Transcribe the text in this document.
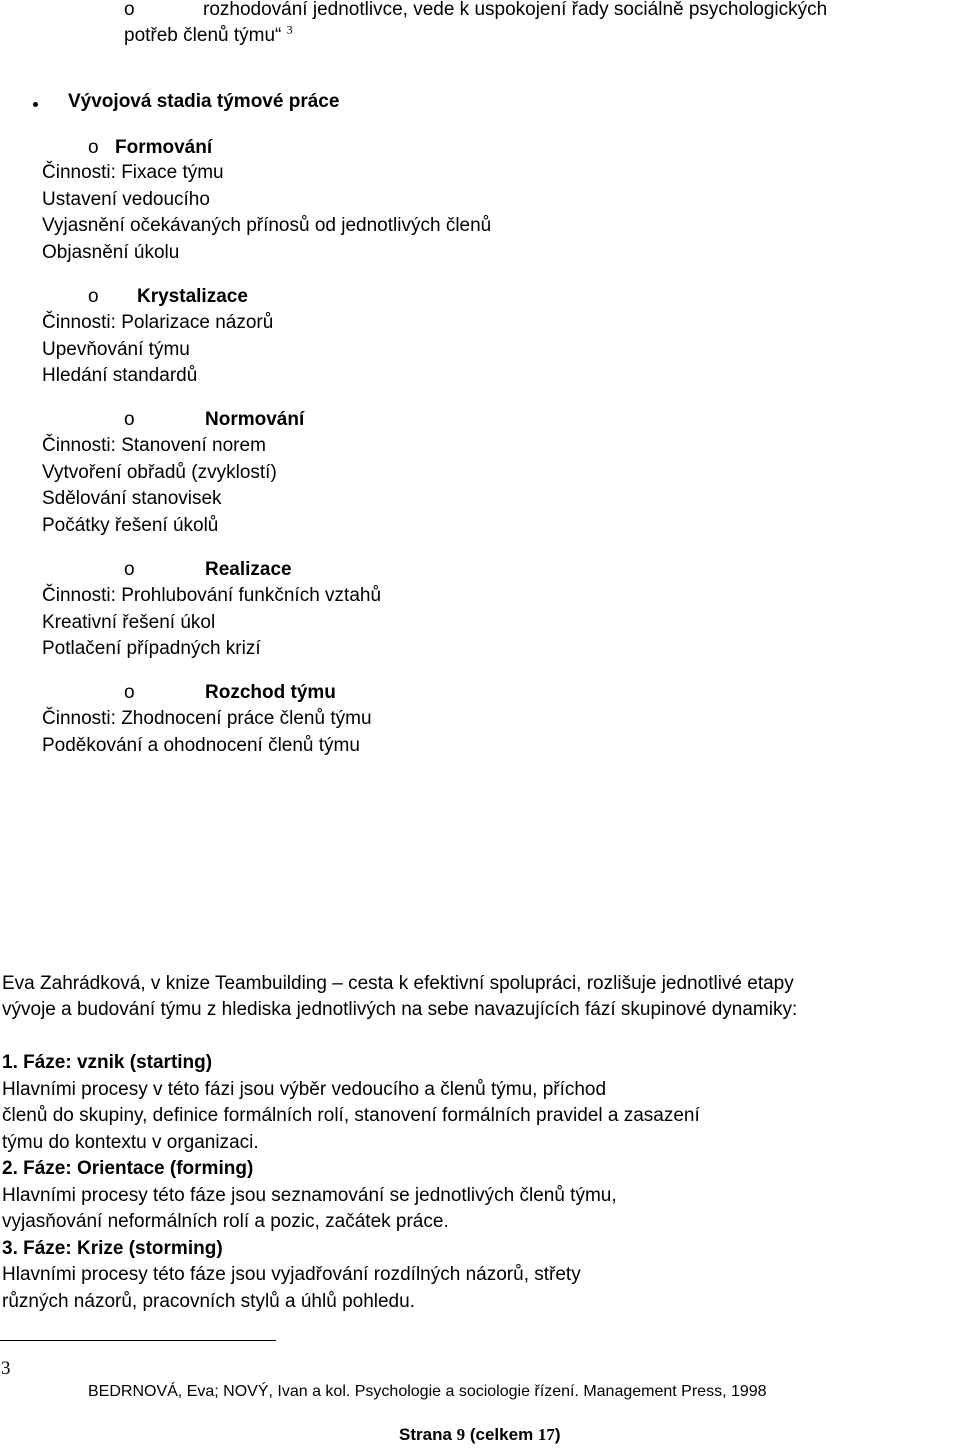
o	rozhodování jednotlivce, vede k uspokojení řady sociálně psychologických
potřeb členů týmu“ $^3$
Vývojová stadia týmové práce
o Formování
Činnosti: Fixace týmu
Ustavení vedoucího
Vyjasnění očekávaných přínosů od jednotlivých členů
Objasnění úkolu
o Krystalizace
Činnosti: Polarizace názorů
Upevňování týmu
Hledání standardů
o	Normování
Činnosti: Stanovení norem
Vytvoření obřadů (zvyklostí)
Sdělování stanovisek
Počátky řešení úkolů
o	Realizace
Činnosti: Prohlubování funkčních vztahů
Kreativní řešení úkol
Potlačení případných krizí
o	Rozchod týmu
Činnosti: Zhodnocení práce členů týmu
Poděkování a ohodnocení členů týmu
Eva Zahrádková, v knize Teambuilding – cesta k efektivní spolupráci, rozlišuje jednotlivé etapy
vývoje a budování týmu z hlediska jednotlivých na sebe navazujících fází skupinové dynamiky:
1. Fáze: vznik (starting)
Hlavními procesy v této fázi jsou výběr vedoucího a členů týmu, příchod
členů do skupiny, definice formálních rolí, stanovení formálních pravidel a zasazení
týmu do kontextu v organizaci.
2. Fáze: Orientace (forming)
Hlavními procesy této fáze jsou seznamování se jednotlivých členů týmu,
vyjasňování neformálních rolí a pozic, začátek práce.
3. Fáze: Krize (storming)
Hlavními procesy této fáze jsou vyjadřování rozdílných názorů, střety
různých názorů, pracovních stylů a úhlů pohledu.
3
BEDRNOVÁ, Eva; NOVÝ, Ivan a kol. Psychologie a sociologie řízení. Management Press, 1998
Strana 9 (celkem 17)
